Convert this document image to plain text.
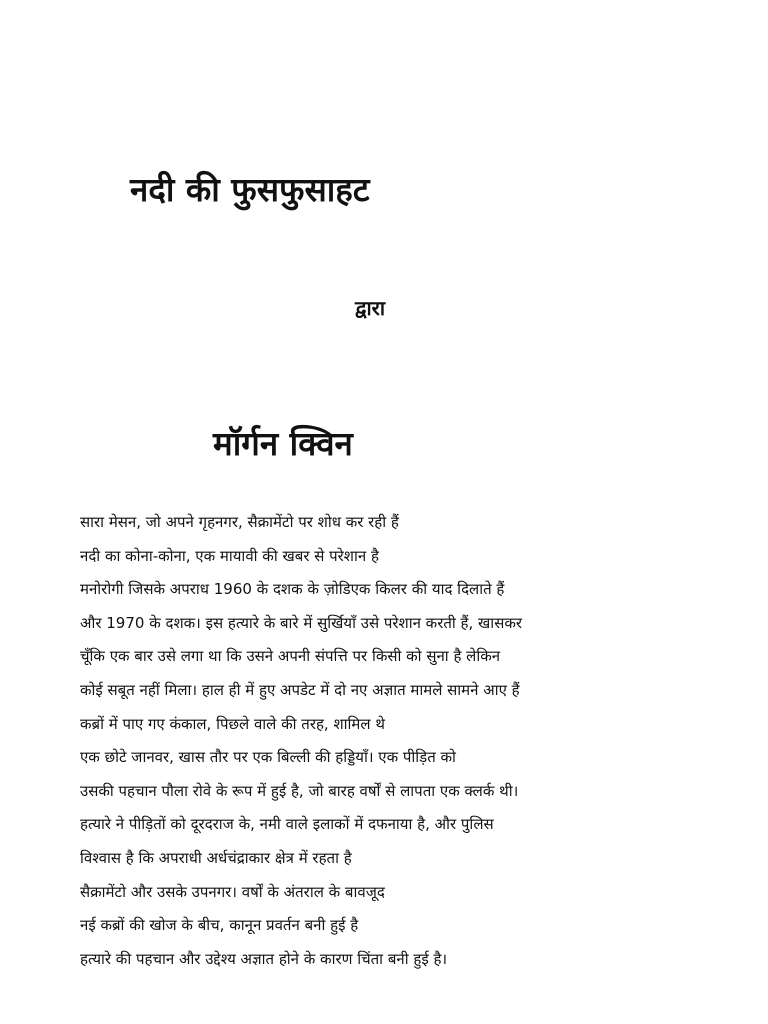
नदी की फुसफुसाहट
द्वारा
मॉर्गन क्विन
सारा मेसन, जो अपने गृहनगर, सैक्रामेंटो पर शोध कर रही हैं
नदी का कोना-कोना, एक मायावी की खबर से परेशान है
मनोरोगी जिसके अपराध 1960 के दशक के ज़ोडिएक किलर की याद दिलाते हैं
और 1970 के दशक। इस हत्यारे के बारे में सुर्खियाँ उसे परेशान करती हैं, खासकर
चूँकि एक बार उसे लगा था कि उसने अपनी संपत्ति पर किसी को सुना है लेकिन
कोई सबूत नहीं मिला। हाल ही में हुए अपडेट में दो नए अज्ञात मामले सामने आए हैं
कब्रों में पाए गए कंकाल, पिछले वाले की तरह, शामिल थे
एक छोटे जानवर, खास तौर पर एक बिल्ली की हड्डियाँ। एक पीड़ित को
उसकी पहचान पौला रोवे के रूप में हुई है, जो बारह वर्षों से लापता एक क्लर्क थी।
हत्यारे ने पीड़ितों को दूरदराज के, नमी वाले इलाकों में दफनाया है, और पुलिस
विश्वास है कि अपराधी अर्धचंद्राकार क्षेत्र में रहता है
सैक्रामेंटो और उसके उपनगर। वर्षों के अंतराल के बावजूद
नई कब्रों की खोज के बीच, कानून प्रवर्तन बनी हुई है
हत्यारे की पहचान और उद्देश्य अज्ञात होने के कारण चिंता बनी हुई है।
